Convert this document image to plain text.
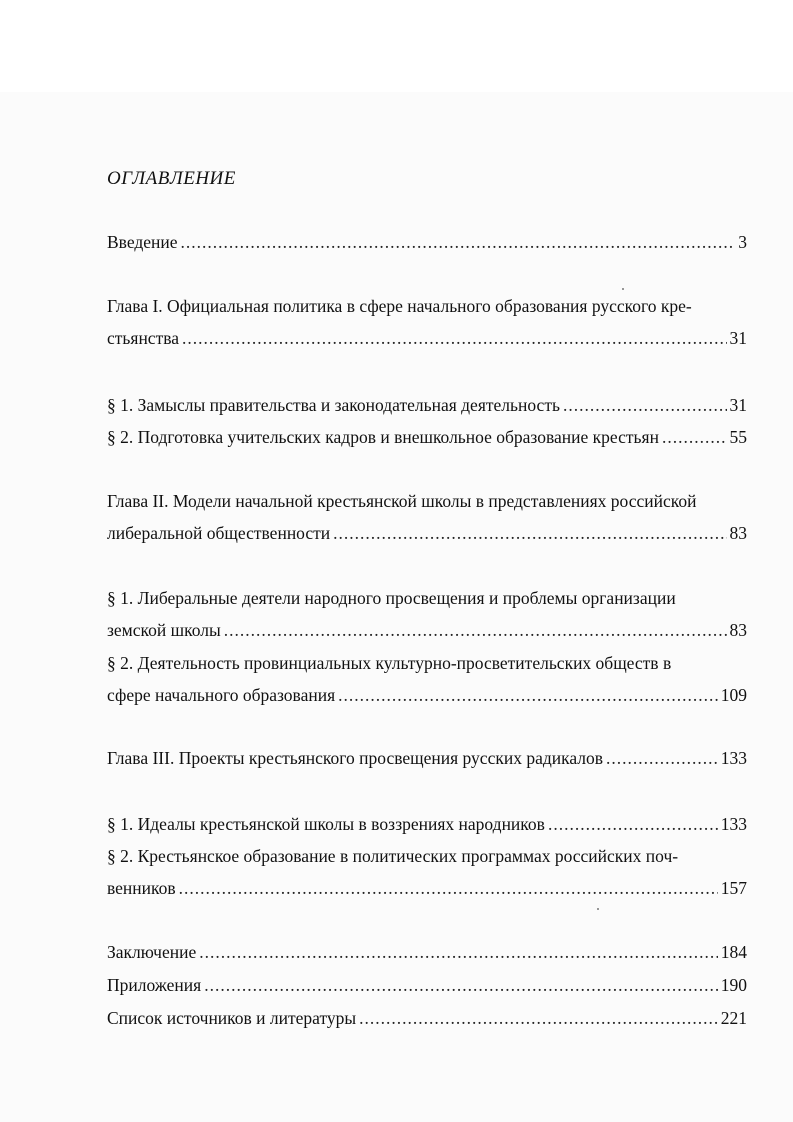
ОГЛАВЛЕНИЕ
Введение .....	3
Глава I. Официальная политика в сфере начального образования русского кре-
стьянства .....	31
§ 1. Замыслы правительства и законодательная деятельность .....	31
§ 2. Подготовка учительских кадров и внешкольное образование крестьян .....	55
Глава II. Модели начальной крестьянской школы в представлениях российской
либеральной общественности .....	83
§ 1. Либеральные деятели народного просвещения и проблемы организации
земской школы .....	83
§ 2. Деятельность провинциальных культурно-просветительских обществ в
сфере начального образования .....	109
Глава III. Проекты крестьянского просвещения русских радикалов .....	133
§ 1. Идеалы крестьянской школы в воззрениях народников .....	133
§ 2. Крестьянское образование в политических программах российских поч-
венников .....	157
Заключение .....	184
Приложения .....	190
Список источников и литературы .....	221
